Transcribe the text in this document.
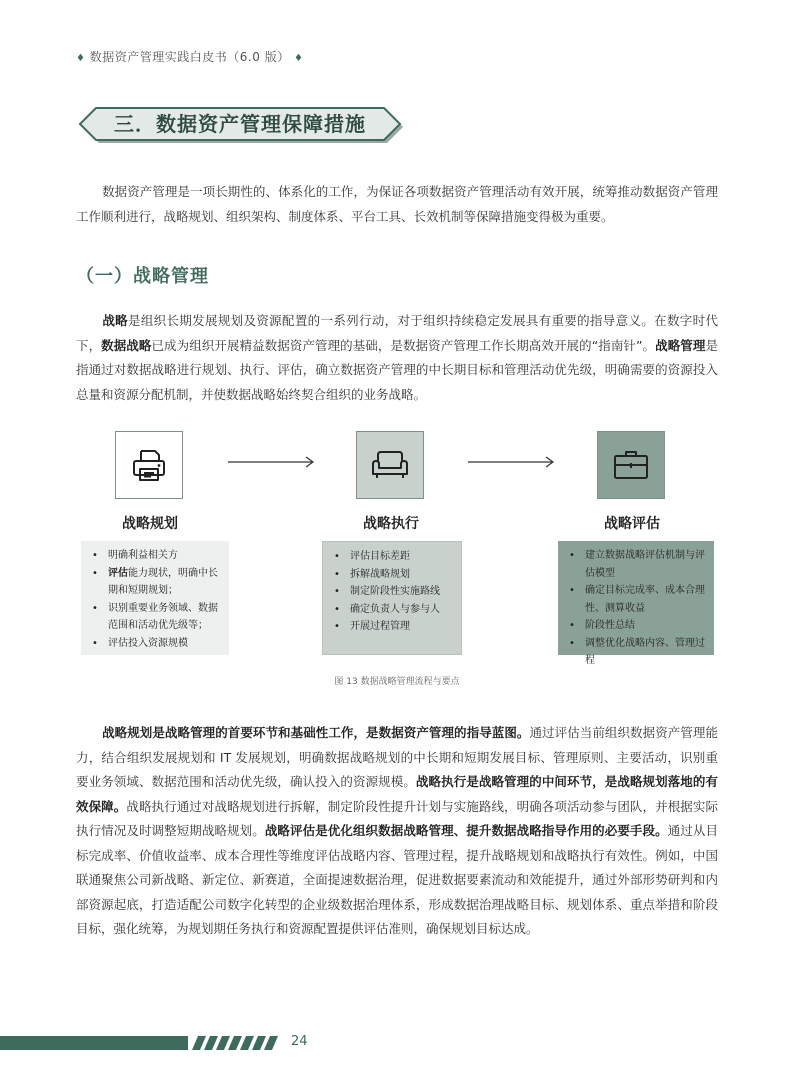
♦ 数据资产管理实践白皮书（6.0 版） ♦
三．数据资产管理保障措施

数据资产管理是一项长期性的、体系化的工作，为保证各项数据资产管理活动有效开展，统筹推动数据资产管理工作顺利进行，战略规划、组织架构、制度体系、平台工具、长效机制等保障措施变得极为重要。

（一）战略管理

战略是组织长期发展规划及资源配置的一系列行动，对于组织持续稳定发展具有重要的指导意义。在数字时代下，数据战略已成为组织开展精益数据资产管理的基础，是数据资产管理工作长期高效开展的“指南针”。战略管理是指通过对数据战略进行规划、执行、评估，确立数据资产管理的中长期目标和管理活动优先级，明确需要的资源投入总量和资源分配机制，并使数据战略始终契合组织的业务战略。

战略规划	战略执行	战略评估
• 明确利益相关方
• 评估能力现状，明确中长期和短期规划；
• 识别重要业务领域、数据范围和活动优先级等；
• 评估投入资源规模
• 评估目标差距
• 拆解战略规划
• 制定阶段性实施路线
• 确定负责人与参与人
• 开展过程管理
• 建立数据战略评估机制与评估模型
• 确定目标完成率、成本合理性、测算收益
• 阶段性总结
• 调整优化战略内容、管理过程
图 13 数据战略管理流程与要点

战略规划是战略管理的首要环节和基础性工作，是数据资产管理的指导蓝图。通过评估当前组织数据资产管理能力，结合组织发展规划和 IT 发展规划，明确数据战略规划的中长期和短期发展目标、管理原则、主要活动，识别重要业务领域、数据范围和活动优先级，确认投入的资源规模。战略执行是战略管理的中间环节，是战略规划落地的有效保障。战略执行通过对战略规划进行拆解，制定阶段性提升计划与实施路线，明确各项活动参与团队，并根据实际执行情况及时调整短期战略规划。战略评估是优化组织数据战略管理、提升数据战略指导作用的必要手段。通过从目标完成率、价值收益率、成本合理性等维度评估战略内容、管理过程，提升战略规划和战略执行有效性。例如，中国联通聚焦公司新战略、新定位、新赛道，全面提速数据治理，促进数据要素流动和效能提升，通过外部形势研判和内部资源起底，打造适配公司数字化转型的企业级数据治理体系，形成数据治理战略目标、规划体系、重点举措和阶段目标，强化统筹，为规划期任务执行和资源配置提供评估准则，确保规划目标达成。

24
